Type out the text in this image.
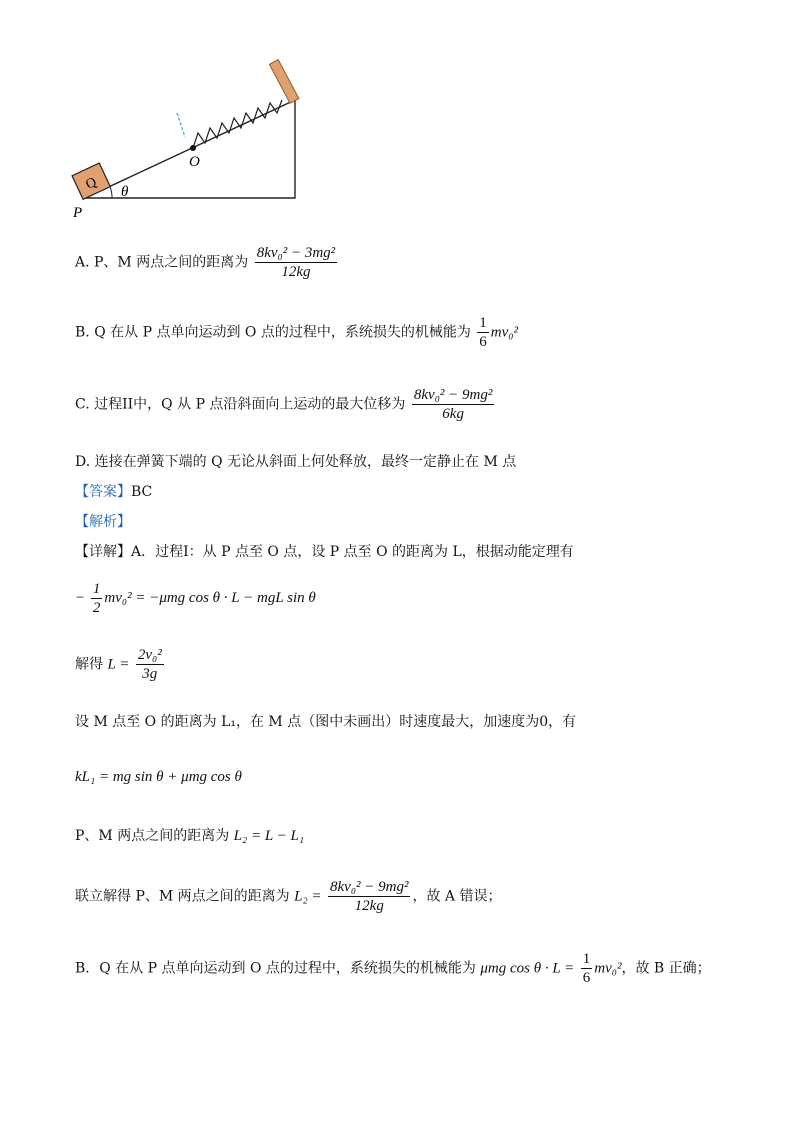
O
Q θ
P
A. P、M 两点之间的距离为 $\frac{\text{8kv₀² − 3mg²}}{12kg}$
B. Q 在从 P 点单向运动到 O 点的过程中，系统损失的机械能为 $\frac{1}{6} mv_0^2$
C. 过程II中，Q 从 P 点沿斜面向上运动的最大位移为 $\frac{\text{8kv₀² − 9mg²}}{6kg}$
D. 连接在弹簧下端的 Q 无论从斜面上何处释放，最终一定静止在 M 点
【答案】BC
【解析】
【详解】A．过程I：从 P 点至 O 点，设 P 点至 O 的距离为 L，根据动能定理有
− $\frac{1}{2} mv_0^2 = -\mu mg$ cos θ · L − mgL sin θ
解得 $L = \frac{\text{2v₀²}}{3g}$
设 M 点至 O 的距离为 L₁，在 M 点（图中未画出）时速度最大，加速度为0，有
kL₁ = mg sin θ + μmg cos θ
P、M 两点之间的距离为 L₂ = L − L₁
联立解得 P、M 两点之间的距离为 $L_2 = \frac{\text{8kv₀² − 9mg²}}{12kg}$ ，故 A 错误；
B．Q 在从 P 点单向运动到 O 点的过程中，系统损失的机械能为 μmg $\cos \theta \cdot L = \frac{1}{6} mv_0^2$，故 B 正确；
